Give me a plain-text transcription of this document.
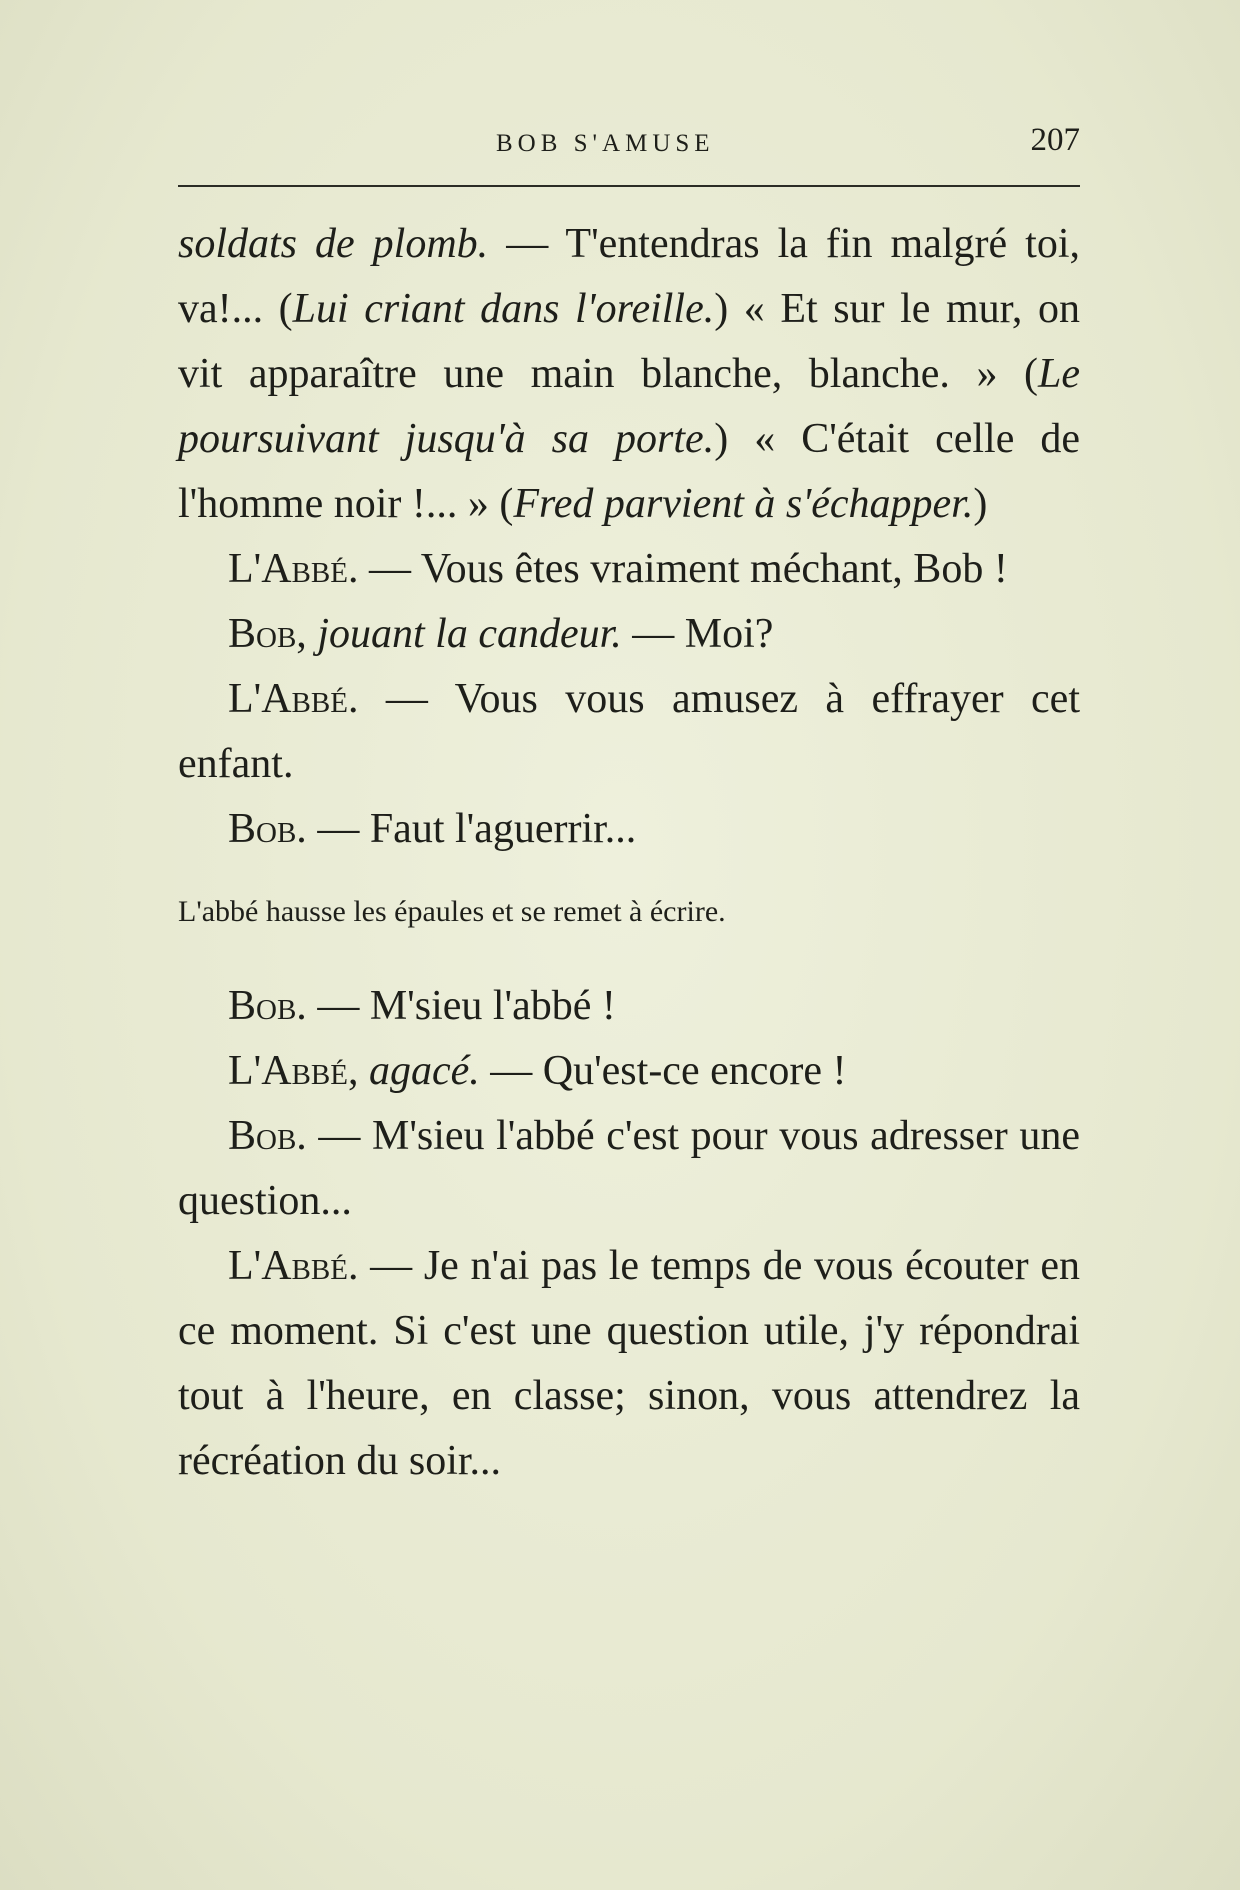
BOB S'AMUSE	207

soldats de plomb. — T'entendras la fin malgré toi, va!... (Lui criant dans l'oreille.) « Et sur le mur, on vit apparaître une main blanche, blanche. » (Le poursuivant jusqu'à sa porte.) « C'était celle de l'homme noir !... » (Fred parvient à s'échapper.)

L'Abbé. — Vous êtes vraiment méchant, Bob !

Bob, jouant la candeur. — Moi?

L'Abbé. — Vous vous amusez à effrayer cet enfant.

Bob. — Faut l'aguerrir...

L'abbé hausse les épaules et se remet à écrire.

Bob. — M'sieu l'abbé !

L'Abbé, agacé. — Qu'est-ce encore !

Bob. — M'sieu l'abbé c'est pour vous adresser une question...

L'Abbé. — Je n'ai pas le temps de vous écouter en ce moment. Si c'est une question utile, j'y répondrai tout à l'heure, en classe; sinon, vous attendrez la récréation du soir...
